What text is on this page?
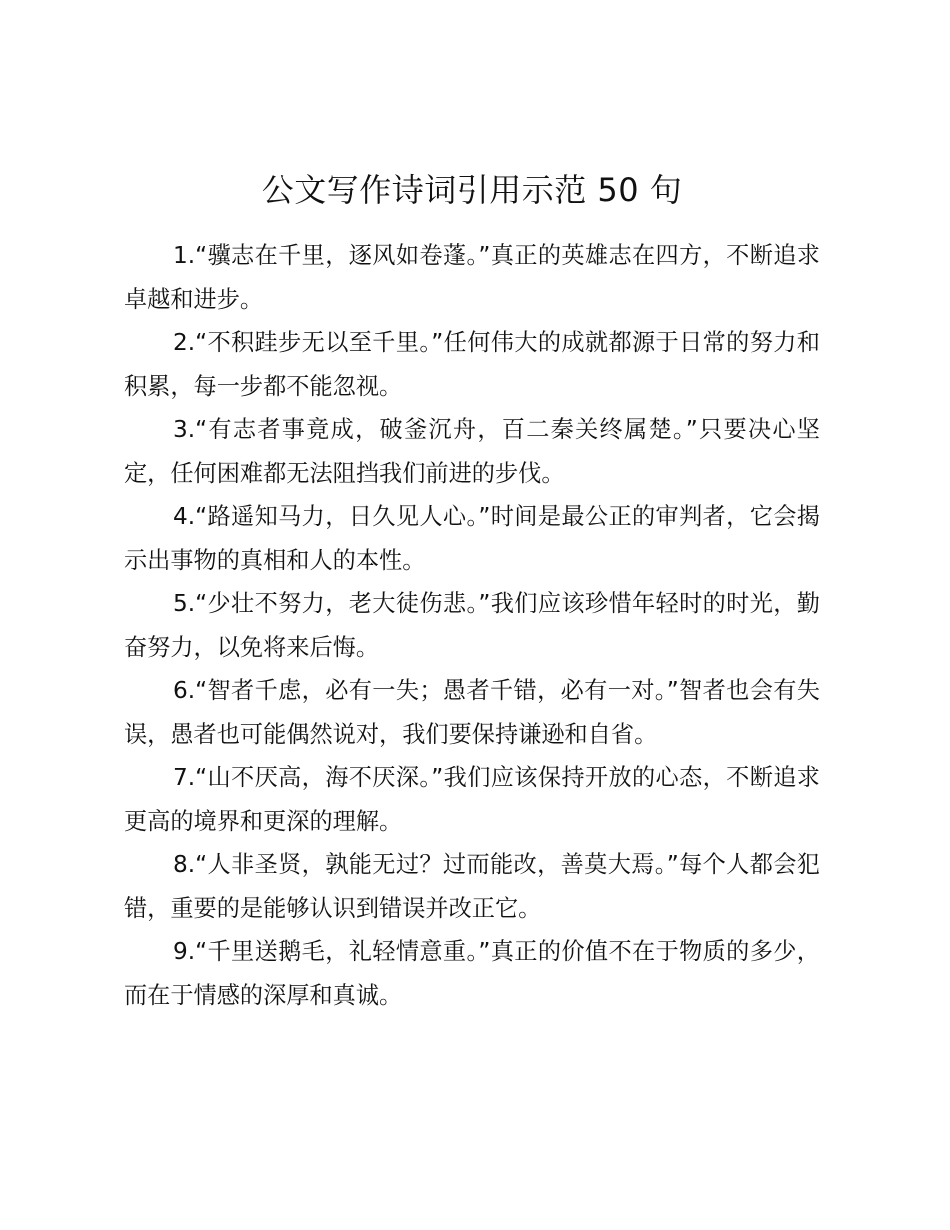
公文写作诗词引用示范 50 句

1.“骥志在千里，逐风如卷蓬。”真正的英雄志在四方，不断追求卓越和进步。

2.“不积跬步无以至千里。”任何伟大的成就都源于日常的努力和积累，每一步都不能忽视。

3.“有志者事竟成，破釜沉舟，百二秦关终属楚。”只要决心坚定，任何困难都无法阻挡我们前进的步伐。

4.“路遥知马力，日久见人心。”时间是最公正的审判者，它会揭示出事物的真相和人的本性。

5.“少壮不努力，老大徒伤悲。”我们应该珍惜年轻时的时光，勤奋努力，以免将来后悔。

6.“智者千虑，必有一失；愚者千错，必有一对。”智者也会有失误，愚者也可能偶然说对，我们要保持谦逊和自省。

7.“山不厌高，海不厌深。”我们应该保持开放的心态，不断追求更高的境界和更深的理解。

8.“人非圣贤，孰能无过？过而能改，善莫大焉。”每个人都会犯错，重要的是能够认识到错误并改正它。

9.“千里送鹅毛，礼轻情意重。”真正的价值不在于物质的多少，而在于情感的深厚和真诚。
